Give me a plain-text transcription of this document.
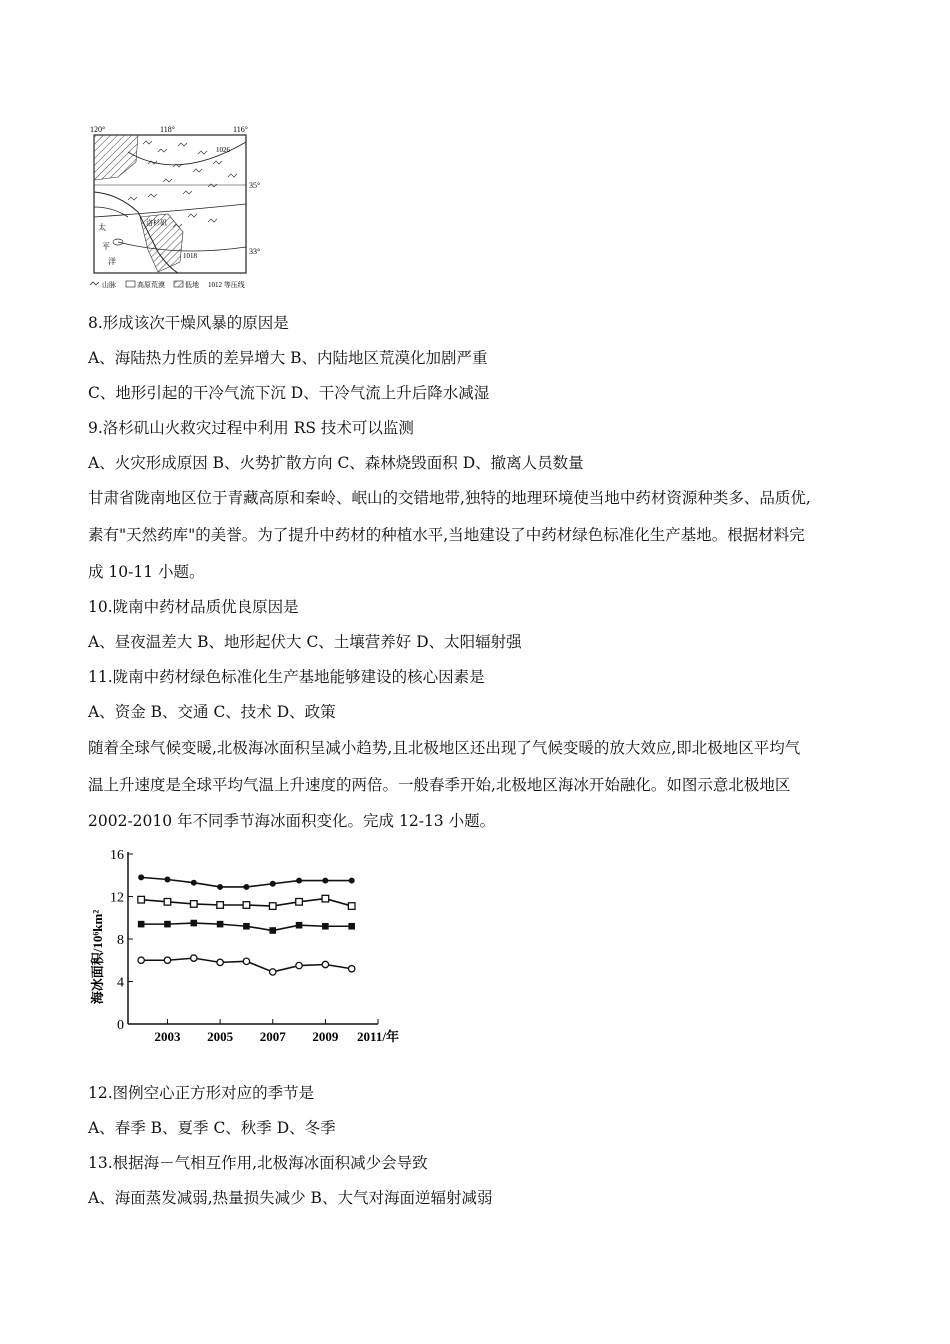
120°	118°	116°
1026
1018
35°
33°
洛杉矶
太
平
洋
山脉	高原荒漠	低地 1012 等压线
8.形成该次干燥风暴的原因是
A、海陆热力性质的差异增大 B、内陆地区荒漠化加剧严重
C、地形引起的干冷气流下沉 D、干冷气流上升后降水减湿
9.洛杉矶山火救灾过程中利用 RS 技术可以监测
A、火灾形成原因 B、火势扩散方向 C、森林烧毁面积 D、撤离人员数量
甘肃省陇南地区位于青藏高原和秦岭、岷山的交错地带,独特的地理环境使当地中药材资源种类多、品质优,
素有"天然药库"的美誉。为了提升中药材的种植水平,当地建设了中药材绿色标准化生产基地。根据材料完
成 10-11 小题。
10.陇南中药材品质优良原因是
A、昼夜温差大 B、地形起伏大 C、土壤营养好 D、太阳辐射强
11.陇南中药材绿色标准化生产基地能够建设的核心因素是
A、资金 B、交通 C、技术 D、政策
随着全球气候变暖,北极海冰面积呈减小趋势,且北极地区还出现了气候变暖的放大效应,即北极地区平均气
温上升速度是全球平均气温上升速度的两倍。一般春季开始,北极地区海冰开始融化。如图示意北极地区
2002-2010 年不同季节海冰面积变化。完成 12-13 小题。
海冰面积/10⁶km²
0
4
8
12
16
2003 2005 2007 2009 2011/年
12.图例空心正方形对应的季节是
A、春季 B、夏季 C、秋季 D、冬季
13.根据海－气相互作用,北极海冰面积减少会导致
A、海面蒸发减弱,热量损失减少 B、大气对海面逆辐射减弱
